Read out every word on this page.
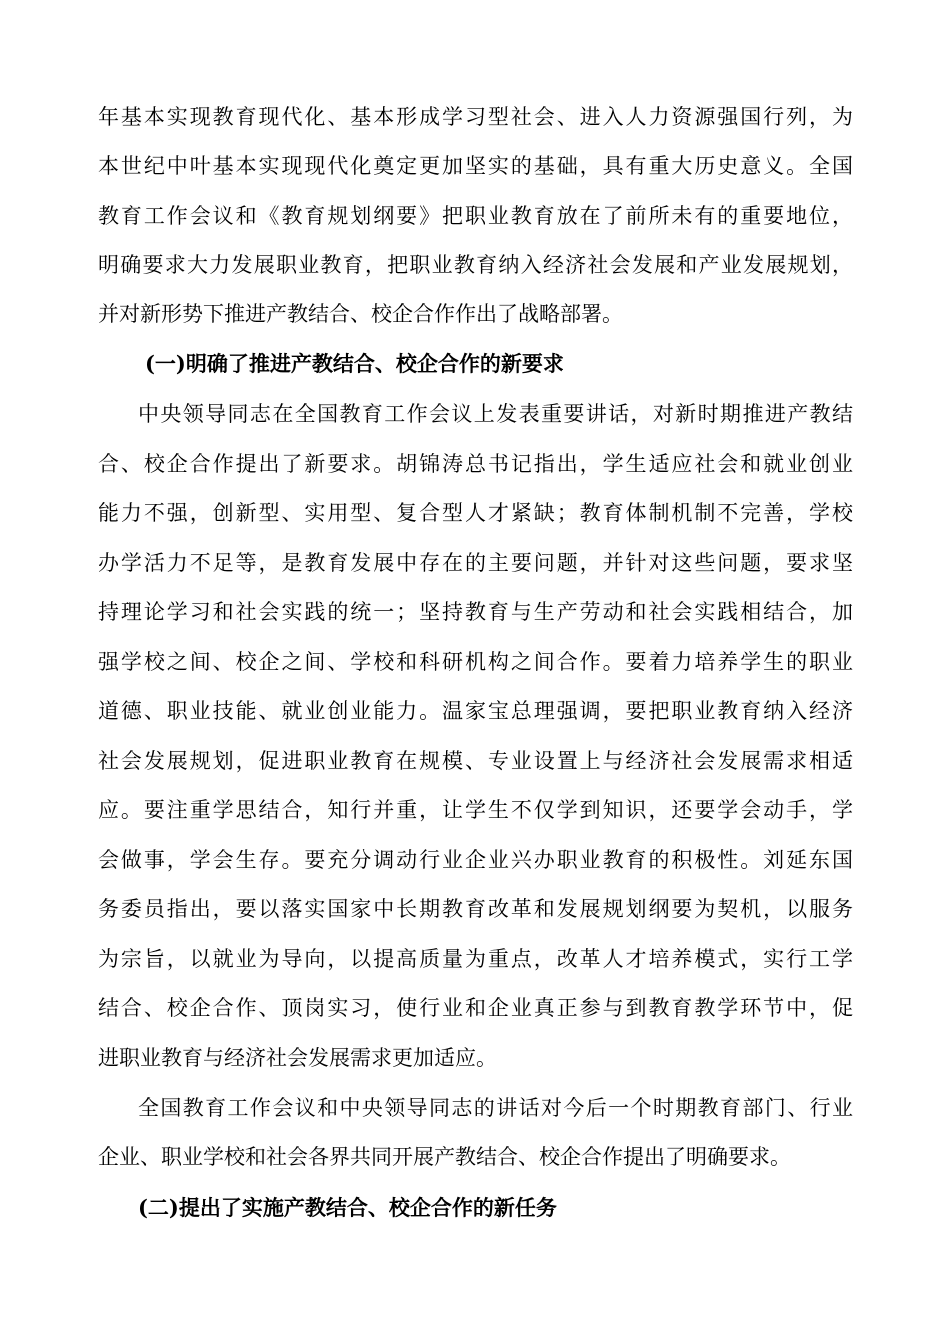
年基本实现教育现代化、基本形成学习型社会、进入人力资源强国行列，为
本世纪中叶基本实现现代化奠定更加坚实的基础，具有重大历史意义。全国
教育工作会议和《教育规划纲要》把职业教育放在了前所未有的重要地位，
明确要求大力发展职业教育，把职业教育纳入经济社会发展和产业发展规划，
并对新形势下推进产教结合、校企合作作出了战略部署。
(一)明确了推进产教结合、校企合作的新要求
中央领导同志在全国教育工作会议上发表重要讲话，对新时期推进产教结
合、校企合作提出了新要求。胡锦涛总书记指出，学生适应社会和就业创业
能力不强，创新型、实用型、复合型人才紧缺；教育体制机制不完善，学校
办学活力不足等，是教育发展中存在的主要问题，并针对这些问题，要求坚
持理论学习和社会实践的统一；坚持教育与生产劳动和社会实践相结合，加
强学校之间、校企之间、学校和科研机构之间合作。要着力培养学生的职业
道德、职业技能、就业创业能力。温家宝总理强调，要把职业教育纳入经济
社会发展规划，促进职业教育在规模、专业设置上与经济社会发展需求相适
应。要注重学思结合，知行并重，让学生不仅学到知识，还要学会动手，学
会做事，学会生存。要充分调动行业企业兴办职业教育的积极性。刘延东国
务委员指出，要以落实国家中长期教育改革和发展规划纲要为契机，以服务
为宗旨，以就业为导向，以提高质量为重点，改革人才培养模式，实行工学
结合、校企合作、顶岗实习，使行业和企业真正参与到教育教学环节中，促
进职业教育与经济社会发展需求更加适应。
全国教育工作会议和中央领导同志的讲话对今后一个时期教育部门、行业
企业、职业学校和社会各界共同开展产教结合、校企合作提出了明确要求。
(二)提出了实施产教结合、校企合作的新任务
